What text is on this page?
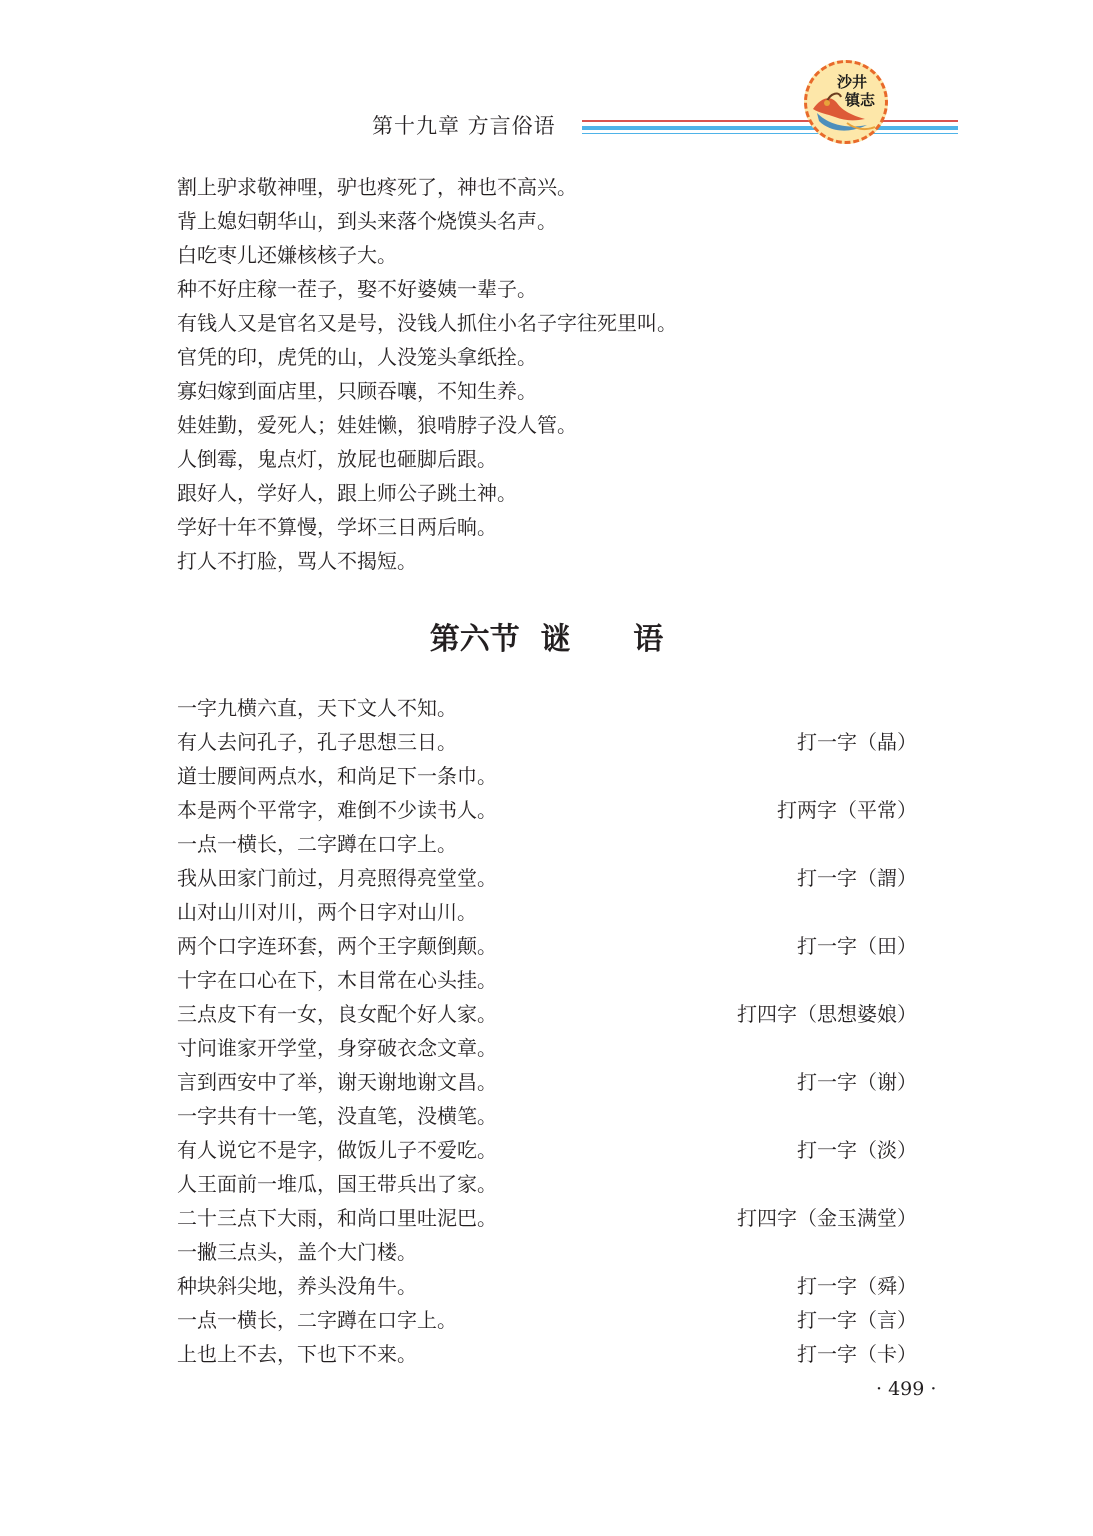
第十九章 方言俗语
沙井
镇志
割上驴求敬神哩，驴也疼死了，神也不高兴。
背上媳妇朝华山，到头来落个烧馍头名声。
白吃枣儿还嫌核核子大。
种不好庄稼一茬子，娶不好婆姨一辈子。
有钱人又是官名又是号，没钱人抓住小名子字往死里叫。
官凭的印，虎凭的山，人没笼头拿纸拴。
寡妇嫁到面店里，只顾吞嚷，不知生养。
娃娃勤，爱死人；娃娃懒，狼啃脖子没人管。
人倒霉，鬼点灯，放屁也砸脚后跟。
跟好人，学好人，跟上师公子跳土神。
学好十年不算慢，学坏三日两后晌。
打人不打脸，骂人不揭短。
第六节  谜      语
一字九横六直，天下文人不知。
有人去问孔子，孔子思想三日。	打一字（晶）
道士腰间两点水，和尚足下一条巾。
本是两个平常字，难倒不少读书人。	打两字（平常）
一点一横长，二字蹲在口字上。
我从田家门前过，月亮照得亮堂堂。	打一字（謂）
山对山川对川，两个日字对山川。
两个口字连环套，两个王字颠倒颠。	打一字（田）
十字在口心在下，木目常在心头挂。
三点皮下有一女，良女配个好人家。	打四字（思想婆娘）
寸问谁家开学堂，身穿破衣念文章。
言到西安中了举，谢天谢地谢文昌。	打一字（谢）
一字共有十一笔，没直笔，没横笔。
有人说它不是字，做饭儿子不爱吃。	打一字（淡）
人王面前一堆瓜，国王带兵出了家。
二十三点下大雨，和尚口里吐泥巴。	打四字（金玉满堂）
一撇三点头，盖个大门楼。
种块斜尖地，养头没角牛。	打一字（舜）
一点一横长，二字蹲在口字上。	打一字（言）
上也上不去，下也下不来。	打一字（卡）
· 499 ·
